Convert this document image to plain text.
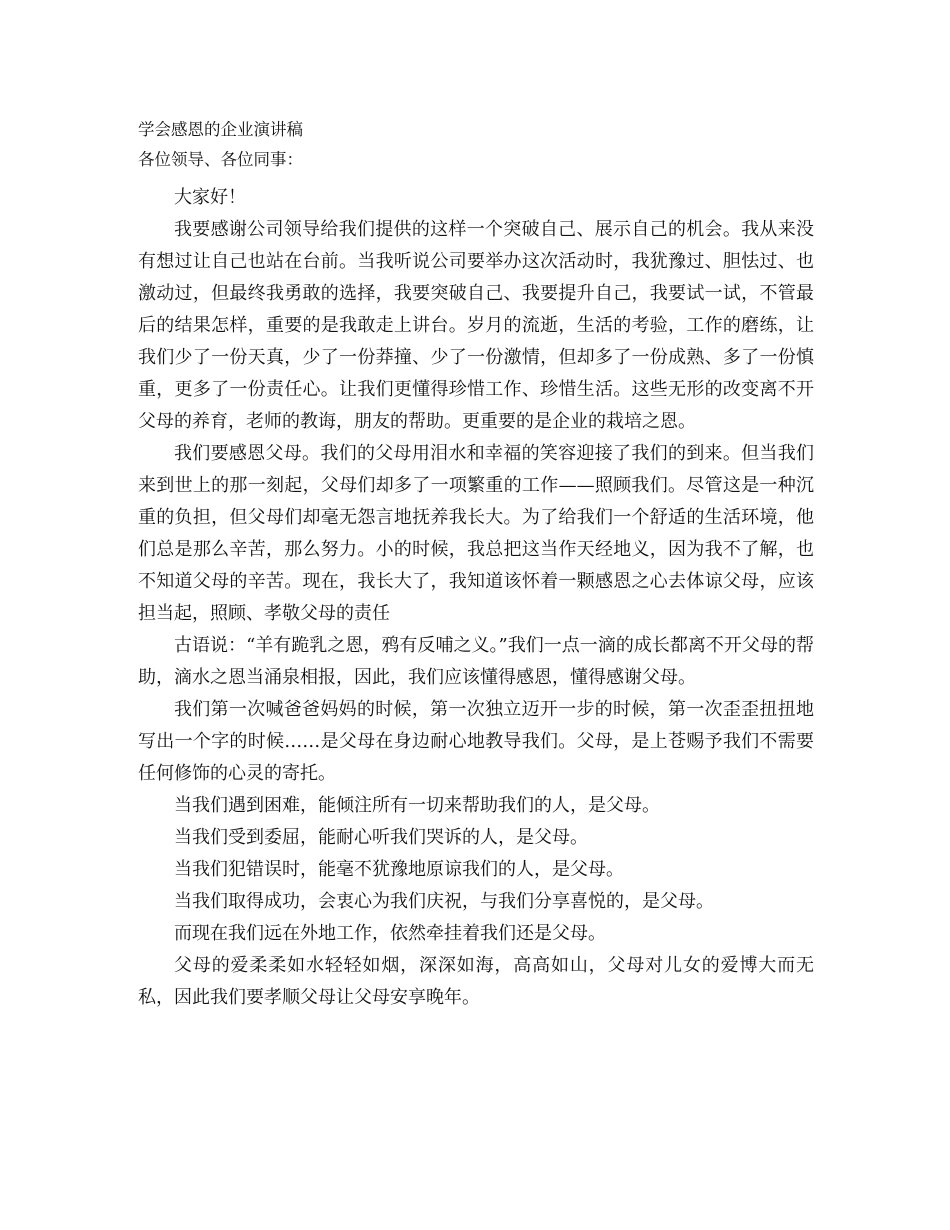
学会感恩的企业演讲稿

各位领导、各位同事：

大家好！

我要感谢公司领导给我们提供的这样一个突破自己、展示自己的机会。我从来没有想过让自己也站在台前。当我听说公司要举办这次活动时，我犹豫过、胆怯过、也激动过，但最终我勇敢的选择，我要突破自己、我要提升自己，我要试一试，不管最后的结果怎样，重要的是我敢走上讲台。岁月的流逝，生活的考验，工作的磨练，让我们少了一份天真，少了一份莽撞、少了一份激情，但却多了一份成熟、多了一份慎重，更多了一份责任心。让我们更懂得珍惜工作、珍惜生活。这些无形的改变离不开父母的养育，老师的教诲，朋友的帮助。更重要的是企业的栽培之恩。

我们要感恩父母。我们的父母用泪水和幸福的笑容迎接了我们的到来。但当我们来到世上的那一刻起，父母们却多了一项繁重的工作——照顾我们。尽管这是一种沉重的负担，但父母们却毫无怨言地抚养我长大。为了给我们一个舒适的生活环境，他们总是那么辛苦，那么努力。小的时候，我总把这当作天经地义，因为我不了解，也不知道父母的辛苦。现在，我长大了，我知道该怀着一颗感恩之心去体谅父母，应该担当起，照顾、孝敬父母的责任

古语说：“羊有跪乳之恩，鸦有反哺之义。”我们一点一滴的成长都离不开父母的帮助，滴水之恩当涌泉相报，因此，我们应该懂得感恩，懂得感谢父母。

我们第一次喊爸爸妈妈的时候，第一次独立迈开一步的时候，第一次歪歪扭扭地写出一个字的时候……是父母在身边耐心地教导我们。父母，是上苍赐予我们不需要任何修饰的心灵的寄托。

当我们遇到困难，能倾注所有一切来帮助我们的人，是父母。

当我们受到委屈，能耐心听我们哭诉的人，是父母。

当我们犯错误时，能毫不犹豫地原谅我们的人，是父母。

当我们取得成功，会衷心为我们庆祝，与我们分享喜悦的，是父母。

而现在我们远在外地工作，依然牵挂着我们还是父母。

父母的爱柔柔如水轻轻如烟，深深如海，高高如山，父母对儿女的爱博大而无私，因此我们要孝顺父母让父母安享晚年。
